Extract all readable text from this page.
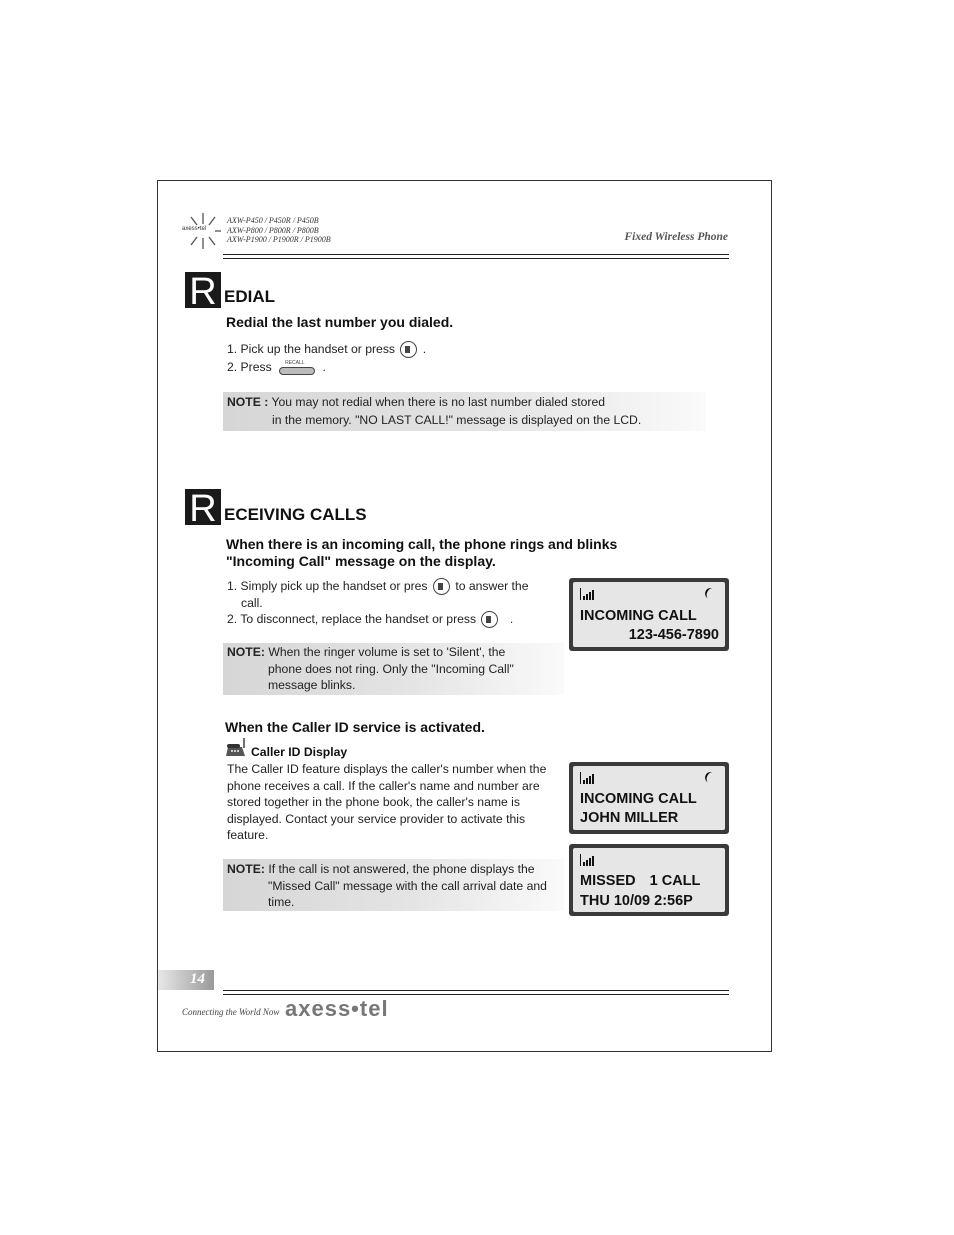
axess•tel
AXW-P450 / P450R / P450B
AXW-P800 / P800R / P800B
AXW-P1900 / P1900R / P1900B	Fixed Wireless Phone
R EDIAL
Redial the last number you dialed.
1. Pick up the handset or press .
2. Press	RECALL .
NOTE : You may not redial when there is no last number dialed stored
in the memory. "NO LAST CALL!" message is displayed on the LCD.
R ECEIVING CALLS
When there is an incoming call, the phone rings and blinks
"Incoming Call" message on the display.
1. Simply pick up the handset or pres to answer the
call.
2. To disconnect, replace the handset or press	.
NOTE: When the ringer volume is set to 'Silent', the
phone does not ring. Only the "Incoming Call"
message blinks.
INCOMING CALL
123-456-7890
When the Caller ID service is activated.
Caller ID Display
The Caller ID feature displays the caller's number when the
phone receives a call. If the caller's name and number are
stored together in the phone book, the caller's name is
displayed. Contact your service provider to activate this
feature.
NOTE: If the call is not answered, the phone displays the
"Missed Call" message with the call arrival date and
time.
INCOMING CALL
JOHN MILLER
MISSED 1 CALL
THU 10/09 2:56P
14
Connecting the World Now axess•tel
